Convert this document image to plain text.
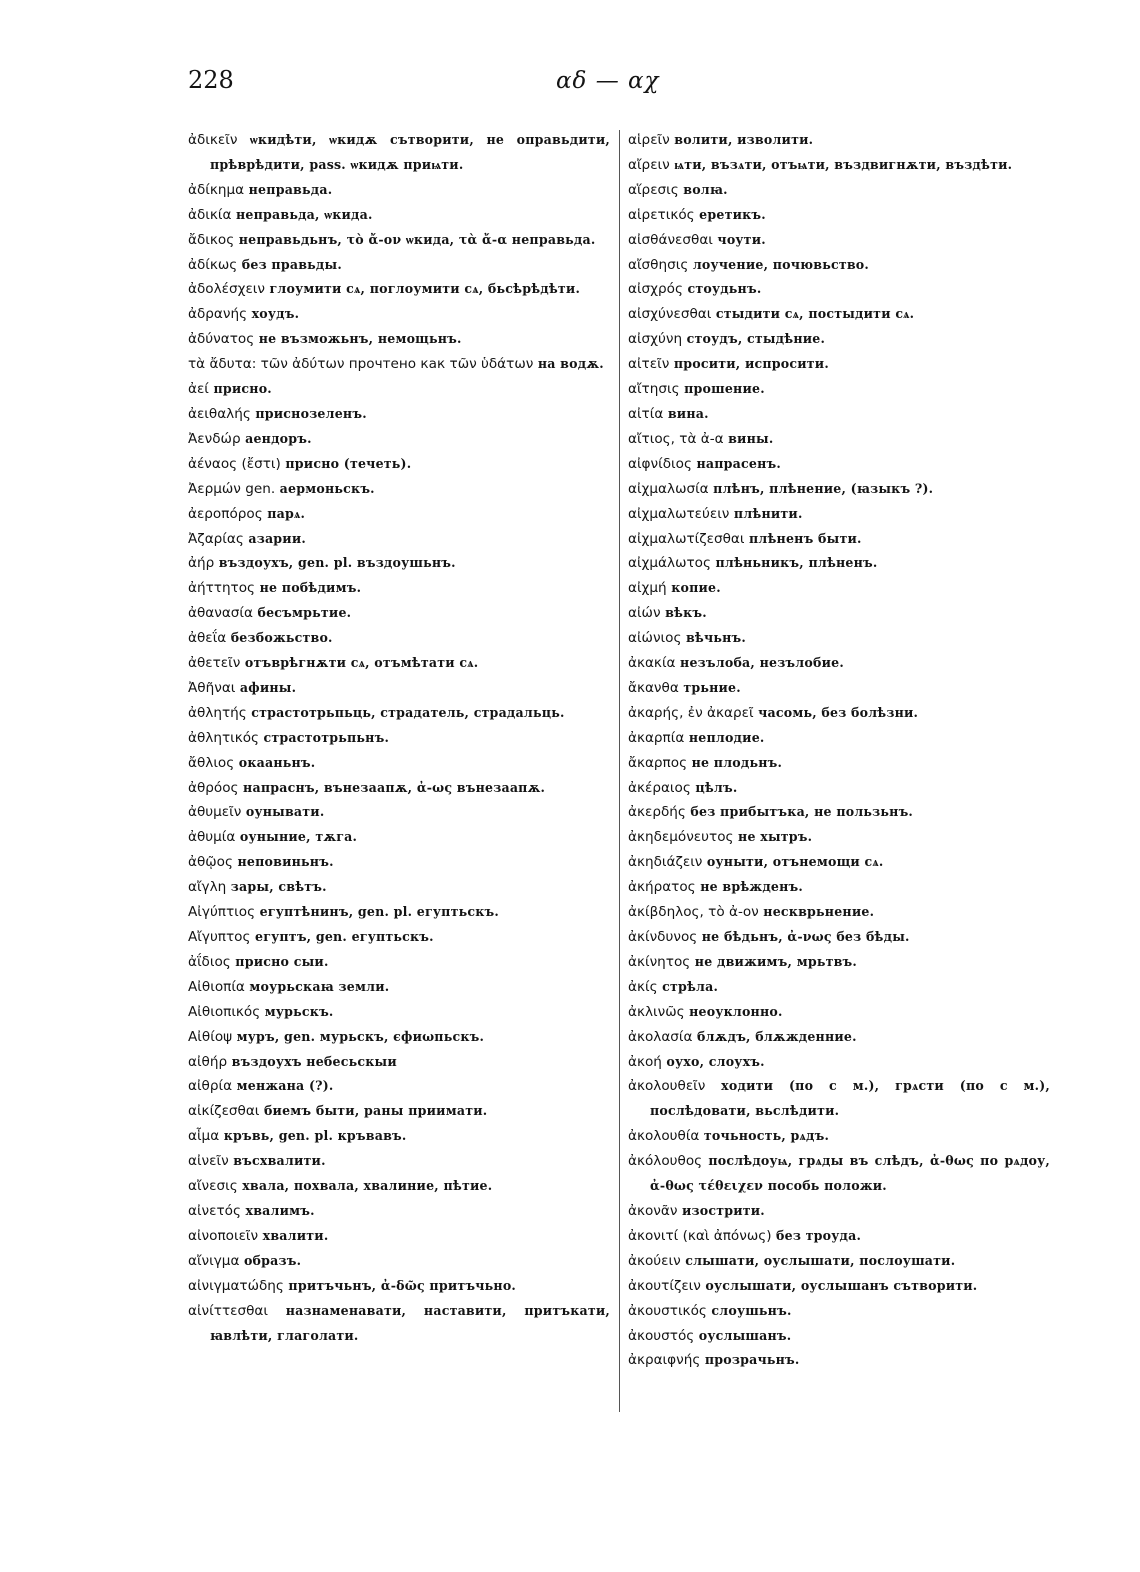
228	αδ — αχ
ἀδικεῖν ѡкидѣти, ѡкидѫ сътворити, не оправьдити, прѣврѣдити, pass. ѡкидѫ приѩти.
ἀδίκημα неправьда.
ἀδικία неправьда, ѡкида.
ἄδικος неправьдьнъ, τὸ ἄ-ον ѡкида, τὰ ἄ-α неправьда.
ἀδίκως без правьды.
ἀδολέσχειν глоумити сѧ, поглоумити сѧ, бьсѣрѣдѣти.
ἀδρανής хоудъ.
ἀδύνατος не възможьнъ, немощьнъ.
τὰ ἄδυτα: τῶν ἀδύτων прочтено как τῶν ὑδάτων на водѫ.
ἀεί присно.
ἀειθαλής приснозеленъ.
Ἀενδώρ аендоръ.
ἀέναος (ἔστι) присно (течеть).
Ἀερμών gen. аермоньскъ.
ἀεροπόρος парѧ.
Ἀζαρίας азарии.
ἀήρ въздоухъ, gen. pl. въздоушьнъ.
ἀήττητος не побѣдимъ.
ἀθανασία бесъмрьтие.
ἀθεΐα безбожьство.
ἀθετεῖν отъврѣгнѫти сѧ, отъмѣтати сѧ.
Ἀθῆναι афины.
ἀθλητής страстотрьпьць, страдатель, страдальць.
ἀθλητικός страстотрьпьнъ.
ἄθλιος окааньнъ.
ἀθρόος напраснъ, вънезаапѫ, ἀ-ως вънезаапѫ.
ἀθυμεῖν оунывати.
ἀθυμία оуныние, тѫга.
ἀθῷος неповиньнъ.
αἴγλη зары, свѣтъ.
Αἰγύπτιος егуптѣнинъ, gen. pl. егуптьскъ.
Αἴγυπτος егуптъ, gen. егуптьскъ.
ἀΐδιος присно сыи.
Αἰθιοπία моурьскаꙗ земли.
Αἰθιοπικός мурьскъ.
Αἰθίοψ муръ, gen. мурьскъ, єфиωпьскъ.
αἰθήρ въздоухъ небесьскыи
αἰθρία менжана (?).
αἰκίζεσθαι биемъ быти, раны приимати.
αἷμα кръвь, gen. pl. кръвавъ.
αἰνεῖν въсхвалити.
αἴνεσις хвала, похвала, хвалиние, пѣтие.
αἰνετός хвалимъ.
αἰνοποιεῖν хвалити.
αἴνιγμα образъ.
αἰνιγματώδης притъчьнъ, ἀ-δῶς притъчьно.
αἰνίττεσθαι назнаменавати, наставити, притъкати, ꙗвлѣти, глаголати.
αἱρεῖν волити, изволити.
αἴρειν ѩти, възѧти, отъѩти, въздвигнѫти, въздѣти.
αἵρεσις волꙗ.
αἱρετικός еретикъ.
αἰσθάνεσθαι чоути.
αἴσθησις лоучение, почювьство.
αἰσχρός стоудьнъ.
αἰσχύνεσθαι стыдити сѧ, постыдити сѧ.
αἰσχύνη стоудъ, стыдѣние.
αἰτεῖν просити, испросити.
αἴτησις прошение.
αἰτία вина.
αἴτιος, τὰ ἀ-α вины.
αἰφνίδιος напрасенъ.
αἰχμαλωσία плѣнъ, плѣнение, (ꙗзыкъ ?).
αἰχμαλωτεύειν плѣнити.
αἰχμαλωτίζεσθαι плѣненъ быти.
αἰχμάλωτος плѣньникъ, плѣненъ.
αἰχμή копие.
αἰών вѣкъ.
αἰώνιος вѣчьнъ.
ἀκακία незълоба, незълобие.
ἄκανθα трьние.
ἀκαρής, ἐν ἀκαρεῖ часомь, без болѣзни.
ἀκαρπία неплодие.
ἄκαρπος не плодьнъ.
ἀκέραιος цѣлъ.
ἀκερδής без прибытъка, не пользьнъ.
ἀκηδεμόνευτος не хытръ.
ἀκηδιάζειν оуныти, отънемощи сѧ.
ἀκήρατος не врѣжденъ.
ἀκίβδηλος, τὸ ἀ-ον нескврьнение.
ἀκίνδυνος не бѣдьнъ, ἀ-νως без бѣды.
ἀκίνητος не движимъ, мрьтвъ.
ἀκίς стрѣла.
ἀκλινῶς неоуклонно.
ἀκολασία блѫдъ, блѫжденние.
ἀκοή оухо, слоухъ.
ἀκολουθεῖν ходити (по с м.), грѧсти (по с м.), послѣдовати, вьслѣдити.
ἀκολουθία точьность, рѧдъ.
ἀκόλουθος послѣдоуѩ, грѧды въ слѣдъ, ἀ-θως по рѧдоу, ἀ-θως τέθειχεν пособь положи.
ἀκονᾶν изострити.
ἀκονιτί (καὶ ἀπόνως) без троуда.
ἀκούειν слышати, оуслышати, послоушати.
ἀκουτίζειν оуслышати, оуслышанъ сътворити.
ἀκουστικός слоушьнъ.
ἀκουστός оуслышанъ.
ἀκραιφνής прозрачьнъ.
